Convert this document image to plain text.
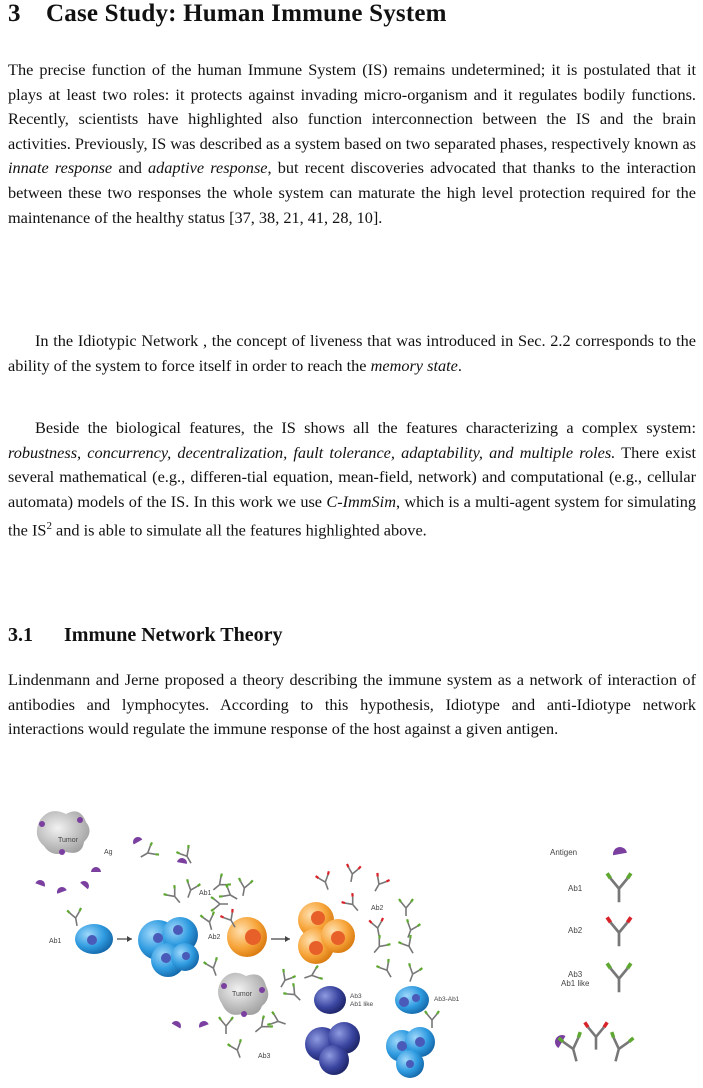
3 Case Study: Human Immune System
The precise function of the human Immune System (IS) remains undetermined; it is postulated that it plays at least two roles: it protects against invading micro-organism and it regulates bodily functions. Recently, scientists have highlighted also function interconnection between the IS and the brain activities. Previously, IS was described as a system based on two separated phases, respectively known as innate response and adaptive response, but recent discoveries advocated that thanks to the interaction between these two responses the whole system can maturate the high level protection required for the maintenance of the healthy status [37, 38, 21, 41, 28, 10].
In the Idiotypic Network , the concept of liveness that was introduced in Sec. 2.2 corresponds to the ability of the system to force itself in order to reach the memory state.
Beside the biological features, the IS shows all the features characterizing a complex system: robustness, concurrency, decentralization, fault tolerance, adaptability, and multiple roles. There exist several mathematical (e.g., differen-tial equation, mean-field, network) and computational (e.g., cellular automata) models of the IS. In this work we use C-ImmSim, which is a multi-agent system for simulating the $IS^2$ and is able to simulate all the features highlighted above.
3.1 Immune Network Theory
Lindenmann and Jerne proposed a theory describing the immune system as a network of interaction of antibodies and lymphocytes. According to this hypothesis, Idiotype and anti-Idiotype network interactions would regulate the immune response of the host against a given antigen.
Tumor
Ag
Ab1
Ab1
Ab2
Ab2
Tumor
Ab3
Ab3
Ab1 like
Ab3-Ab1
Antigen
Ab1
Ab2
Ab3
Ab1 like
